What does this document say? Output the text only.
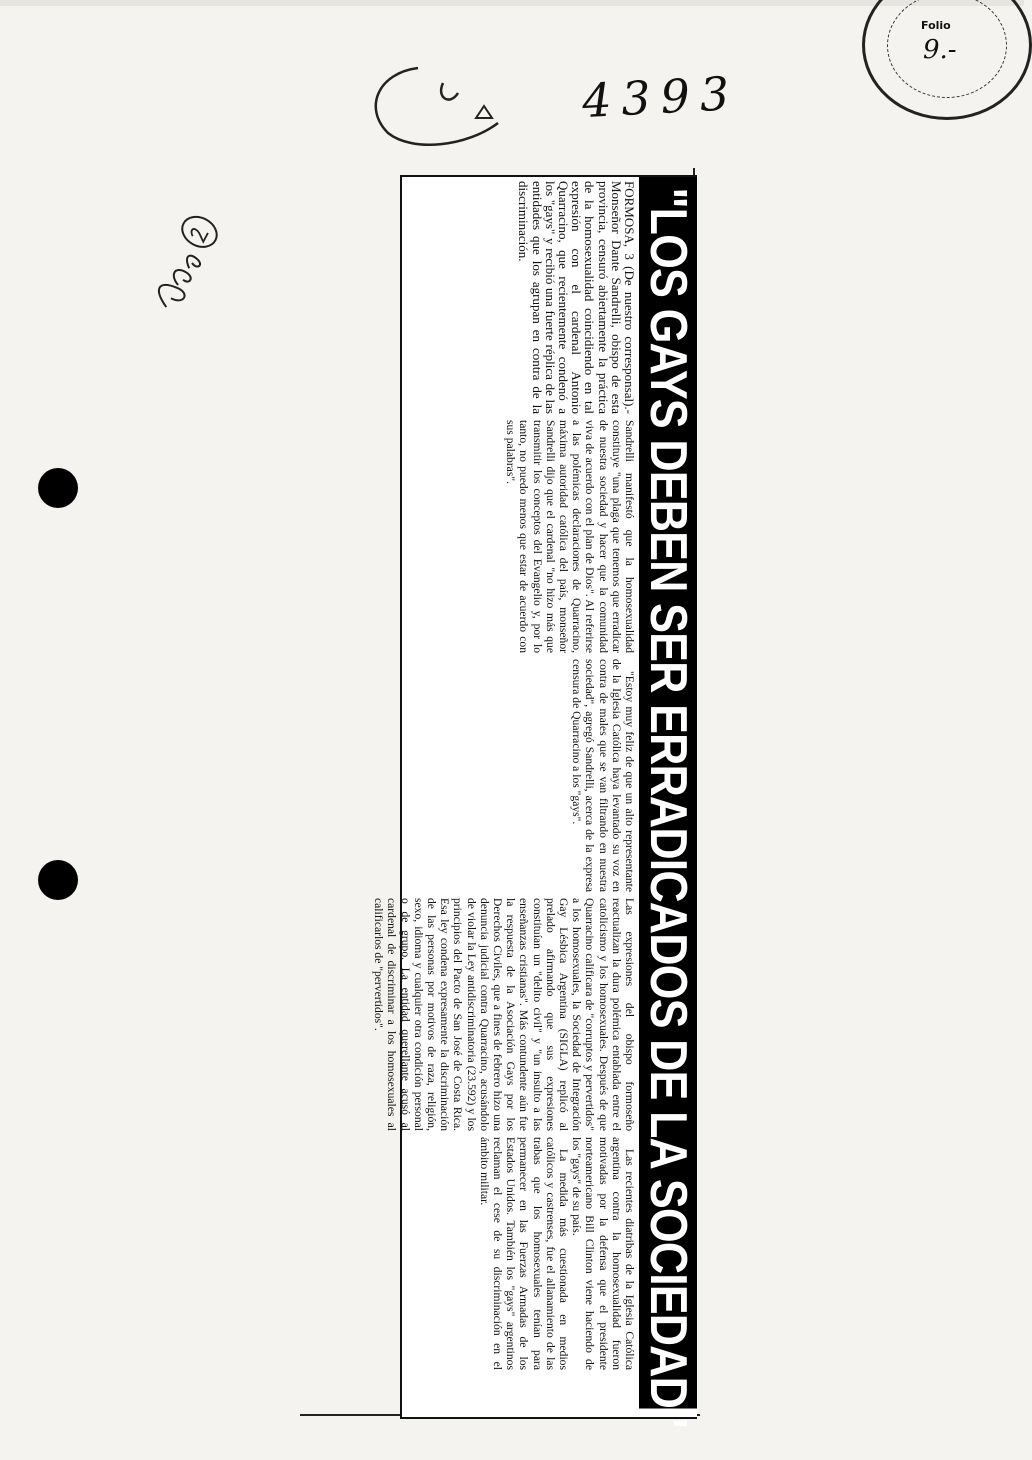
Folio
9.-
4393
"LOS GAYS DEBEN SER ERRADICADOS DE LA SOCIEDAD"

FORMOSA, 3 (De nuestro corresponsal).- Monseñor Dante Sandrelli, obispo de esta provincia, censuró abiertamente la práctica de la homosexualidad coincidiendo en tal expresión con el cardenal Antonio Quarracino, que recientemente condenó a los "gays" y recibió una fuerte réplica de las entidades que los agrupan en contra de la discriminación.

Sandrelli manifestó que la homosexualidad constituye "una plaga que tenemos que erradicar de nuestra sociedad y hacer que la comunidad viva de acuerdo con el plan de Dios". Al referirse a las polémicas declaraciones de Quarracino, máxima autoridad católica del país, monseñor Sandrelli dijo que el cardenal "no hizo más que transmitir los conceptos del Evangelio y, por lo tanto, no puedo menos que estar de acuerdo con sus palabras".

"Estoy muy feliz de que un alto representante de la Iglesia Católica haya levantado su voz en contra de males que se van filtrando en nuestra sociedad", agregó Sandrelli, acerca de la expresa censura de Quarracino a los "gays".

Las expresiones del obispo formoseño reactualizan la dura polémica entablada entre el catolicismo y los homosexuales. Después de que Quarracino calificara de "corruptos y pervertidos" a los homosexuales, la Sociedad de Integración Gay Lésbica Argentina (SIGLA) replicó al prelado afirmando que sus expresiones constituían un "delito civil" y "un insulto a las enseñanzas cristianas". Más contundente aún fue la respuesta de la Asociación Gays por los Derechos Civiles, que a fines de febrero hizo una denuncia judicial contra Quarracino, acusándolo de violar la Ley antidiscriminatoria (23.592) y los principios del Pacto de San José de Costa Rica. Esa ley condena expresamente la discriminación de las personas por motivos de raza, religión, sexo, idioma y cualquier otra condición personal o de grupo. La entidad querellante acusó al cardenal de discriminar a los homosexuales al calificarlos de "pervertidos".

Las recientes diatribas de la Iglesia Católica argentina contra la homosexualidad fueron motivadas por la defensa que el presidente norteamericano Bill Clinton viene haciendo de los "gays" de su país.

La medida más cuestionada en medios católicos y castrenses, fue el allanamiento de las trabas que los homosexuales tenían para permanecer en las Fuerzas Armadas de los Estados Unidos. También los "gays" argentinos reclaman el cese de su discriminación en el ámbito militar.
